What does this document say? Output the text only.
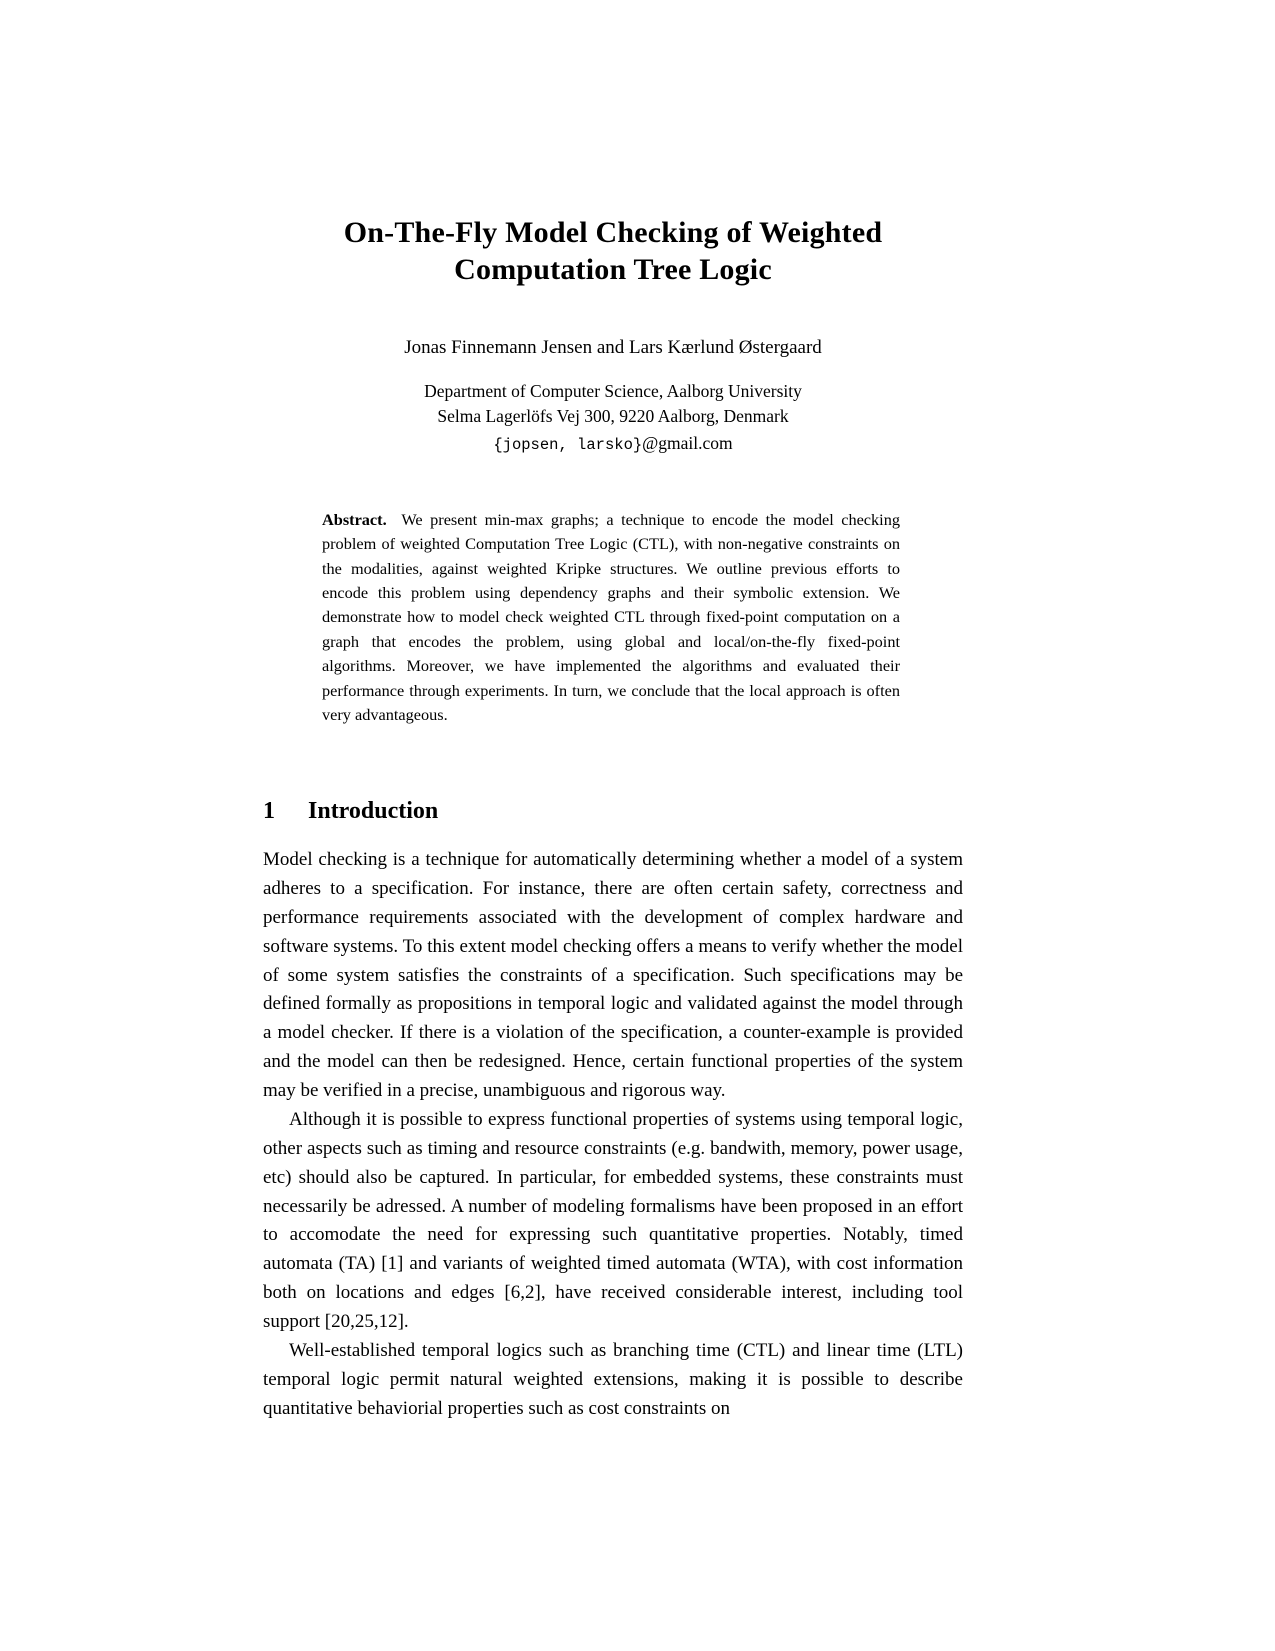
On-The-Fly Model Checking of Weighted Computation Tree Logic
Jonas Finnemann Jensen and Lars Kærlund Østergaard
Department of Computer Science, Aalborg University
Selma Lagerlöfs Vej 300, 9220 Aalborg, Denmark
{jopsen, larsko}@gmail.com
Abstract. We present min-max graphs; a technique to encode the model checking problem of weighted Computation Tree Logic (CTL), with non-negative constraints on the modalities, against weighted Kripke structures. We outline previous efforts to encode this problem using dependency graphs and their symbolic extension. We demonstrate how to model check weighted CTL through fixed-point computation on a graph that encodes the problem, using global and local/on-the-fly fixed-point algorithms. Moreover, we have implemented the algorithms and evaluated their performance through experiments. In turn, we conclude that the local approach is often very advantageous.
1 Introduction

Model checking is a technique for automatically determining whether a model of a system adheres to a specification. For instance, there are often certain safety, correctness and performance requirements associated with the development of complex hardware and software systems. To this extent model checking offers a means to verify whether the model of some system satisfies the constraints of a specification. Such specifications may be defined formally as propositions in temporal logic and validated against the model through a model checker. If there is a violation of the specification, a counter-example is provided and the model can then be redesigned. Hence, certain functional properties of the system may be verified in a precise, unambiguous and rigorous way.

Although it is possible to express functional properties of systems using temporal logic, other aspects such as timing and resource constraints (e.g. bandwith, memory, power usage, etc) should also be captured. In particular, for embedded systems, these constraints must necessarily be adressed. A number of modeling formalisms have been proposed in an effort to accomodate the need for expressing such quantitative properties. Notably, timed automata (TA) [1] and variants of weighted timed automata (WTA), with cost information both on locations and edges [6,2], have received considerable interest, including tool support [20,25,12].

Well-established temporal logics such as branching time (CTL) and linear time (LTL) temporal logic permit natural weighted extensions, making it is possible to describe quantitative behaviorial properties such as cost constraints on
